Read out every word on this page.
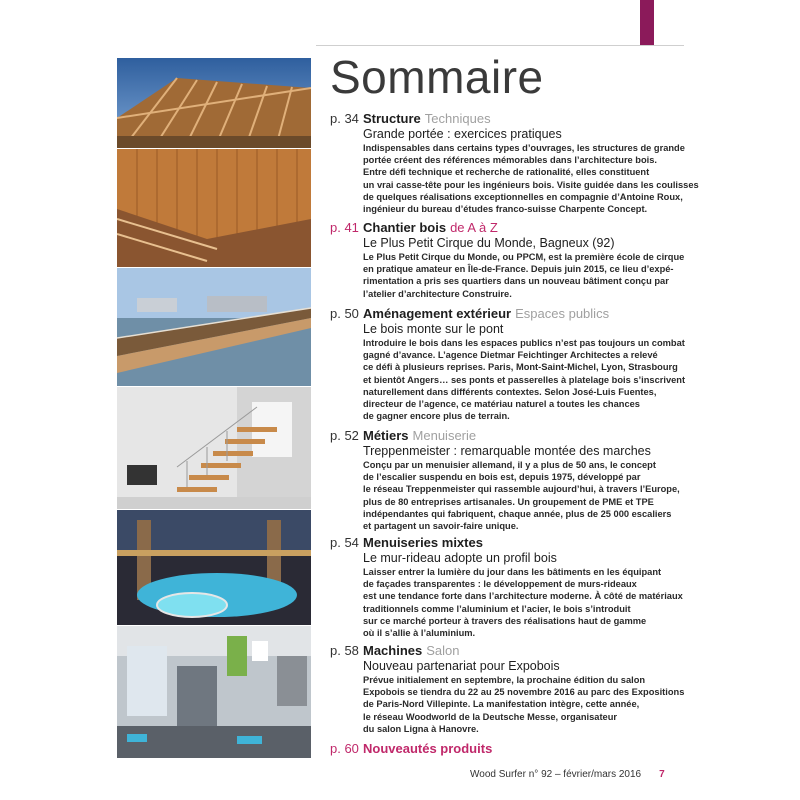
Sommaire
p. 34 Structure Techniques
Grande portée : exercices pratiques
Indispensables dans certains types d’ouvrages, les structures de grande
portée créent des références mémorables dans l’architecture bois.
Entre défi technique et recherche de rationalité, elles constituent
un vrai casse-tête pour les ingénieurs bois. Visite guidée dans les coulisses
de quelques réalisations exceptionnelles en compagnie d’Antoine Roux,
ingénieur du bureau d’études franco-suisse Charpente Concept.
p. 41 Chantier bois de A à Z
Le Plus Petit Cirque du Monde, Bagneux (92)
Le Plus Petit Cirque du Monde, ou PPCM, est la première école de cirque
en pratique amateur en Île-de-France. Depuis juin 2015, ce lieu d’expé-
rimentation a pris ses quartiers dans un nouveau bâtiment conçu par
l’atelier d’architecture Construire.
p. 50 Aménagement extérieur Espaces publics
Le bois monte sur le pont
Introduire le bois dans les espaces publics n’est pas toujours un combat
gagné d’avance. L’agence Dietmar Feichtinger Architectes a relevé
ce défi à plusieurs reprises. Paris, Mont-Saint-Michel, Lyon, Strasbourg
et bientôt Angers… ses ponts et passerelles à platelage bois s’inscrivent
naturellement dans différents contextes. Selon José-Luis Fuentes,
directeur de l’agence, ce matériau naturel a toutes les chances
de gagner encore plus de terrain.
p. 52 Métiers Menuiserie
Treppenmeister : remarquable montée des marches
Conçu par un menuisier allemand, il y a plus de 50 ans, le concept
de l’escalier suspendu en bois est, depuis 1975, développé par
le réseau Treppenmeister qui rassemble aujourd’hui, à travers l’Europe,
plus de 80 entreprises artisanales. Un groupement de PME et TPE
indépendantes qui fabriquent, chaque année, plus de 25 000 escaliers
et partagent un savoir-faire unique.
p. 54 Menuiseries mixtes
Le mur-rideau adopte un profil bois
Laisser entrer la lumière du jour dans les bâtiments en les équipant
de façades transparentes : le développement de murs-rideaux
est une tendance forte dans l’architecture moderne. À côté de matériaux
traditionnels comme l’aluminium et l’acier, le bois s’introduit
sur ce marché porteur à travers des réalisations haut de gamme
où il s’allie à l’aluminium.
p. 58 Machines Salon
Nouveau partenariat pour Expobois
Prévue initialement en septembre, la prochaine édition du salon
Expobois se tiendra du 22 au 25 novembre 2016 au parc des Expositions
de Paris-Nord Villepinte. La manifestation intègre, cette année,
le réseau Woodworld de la Deutsche Messe, organisateur
du salon Ligna à Hanovre.
p. 60 Nouveautés produits
Wood Surfer n° 92 – février/mars 2016 7
